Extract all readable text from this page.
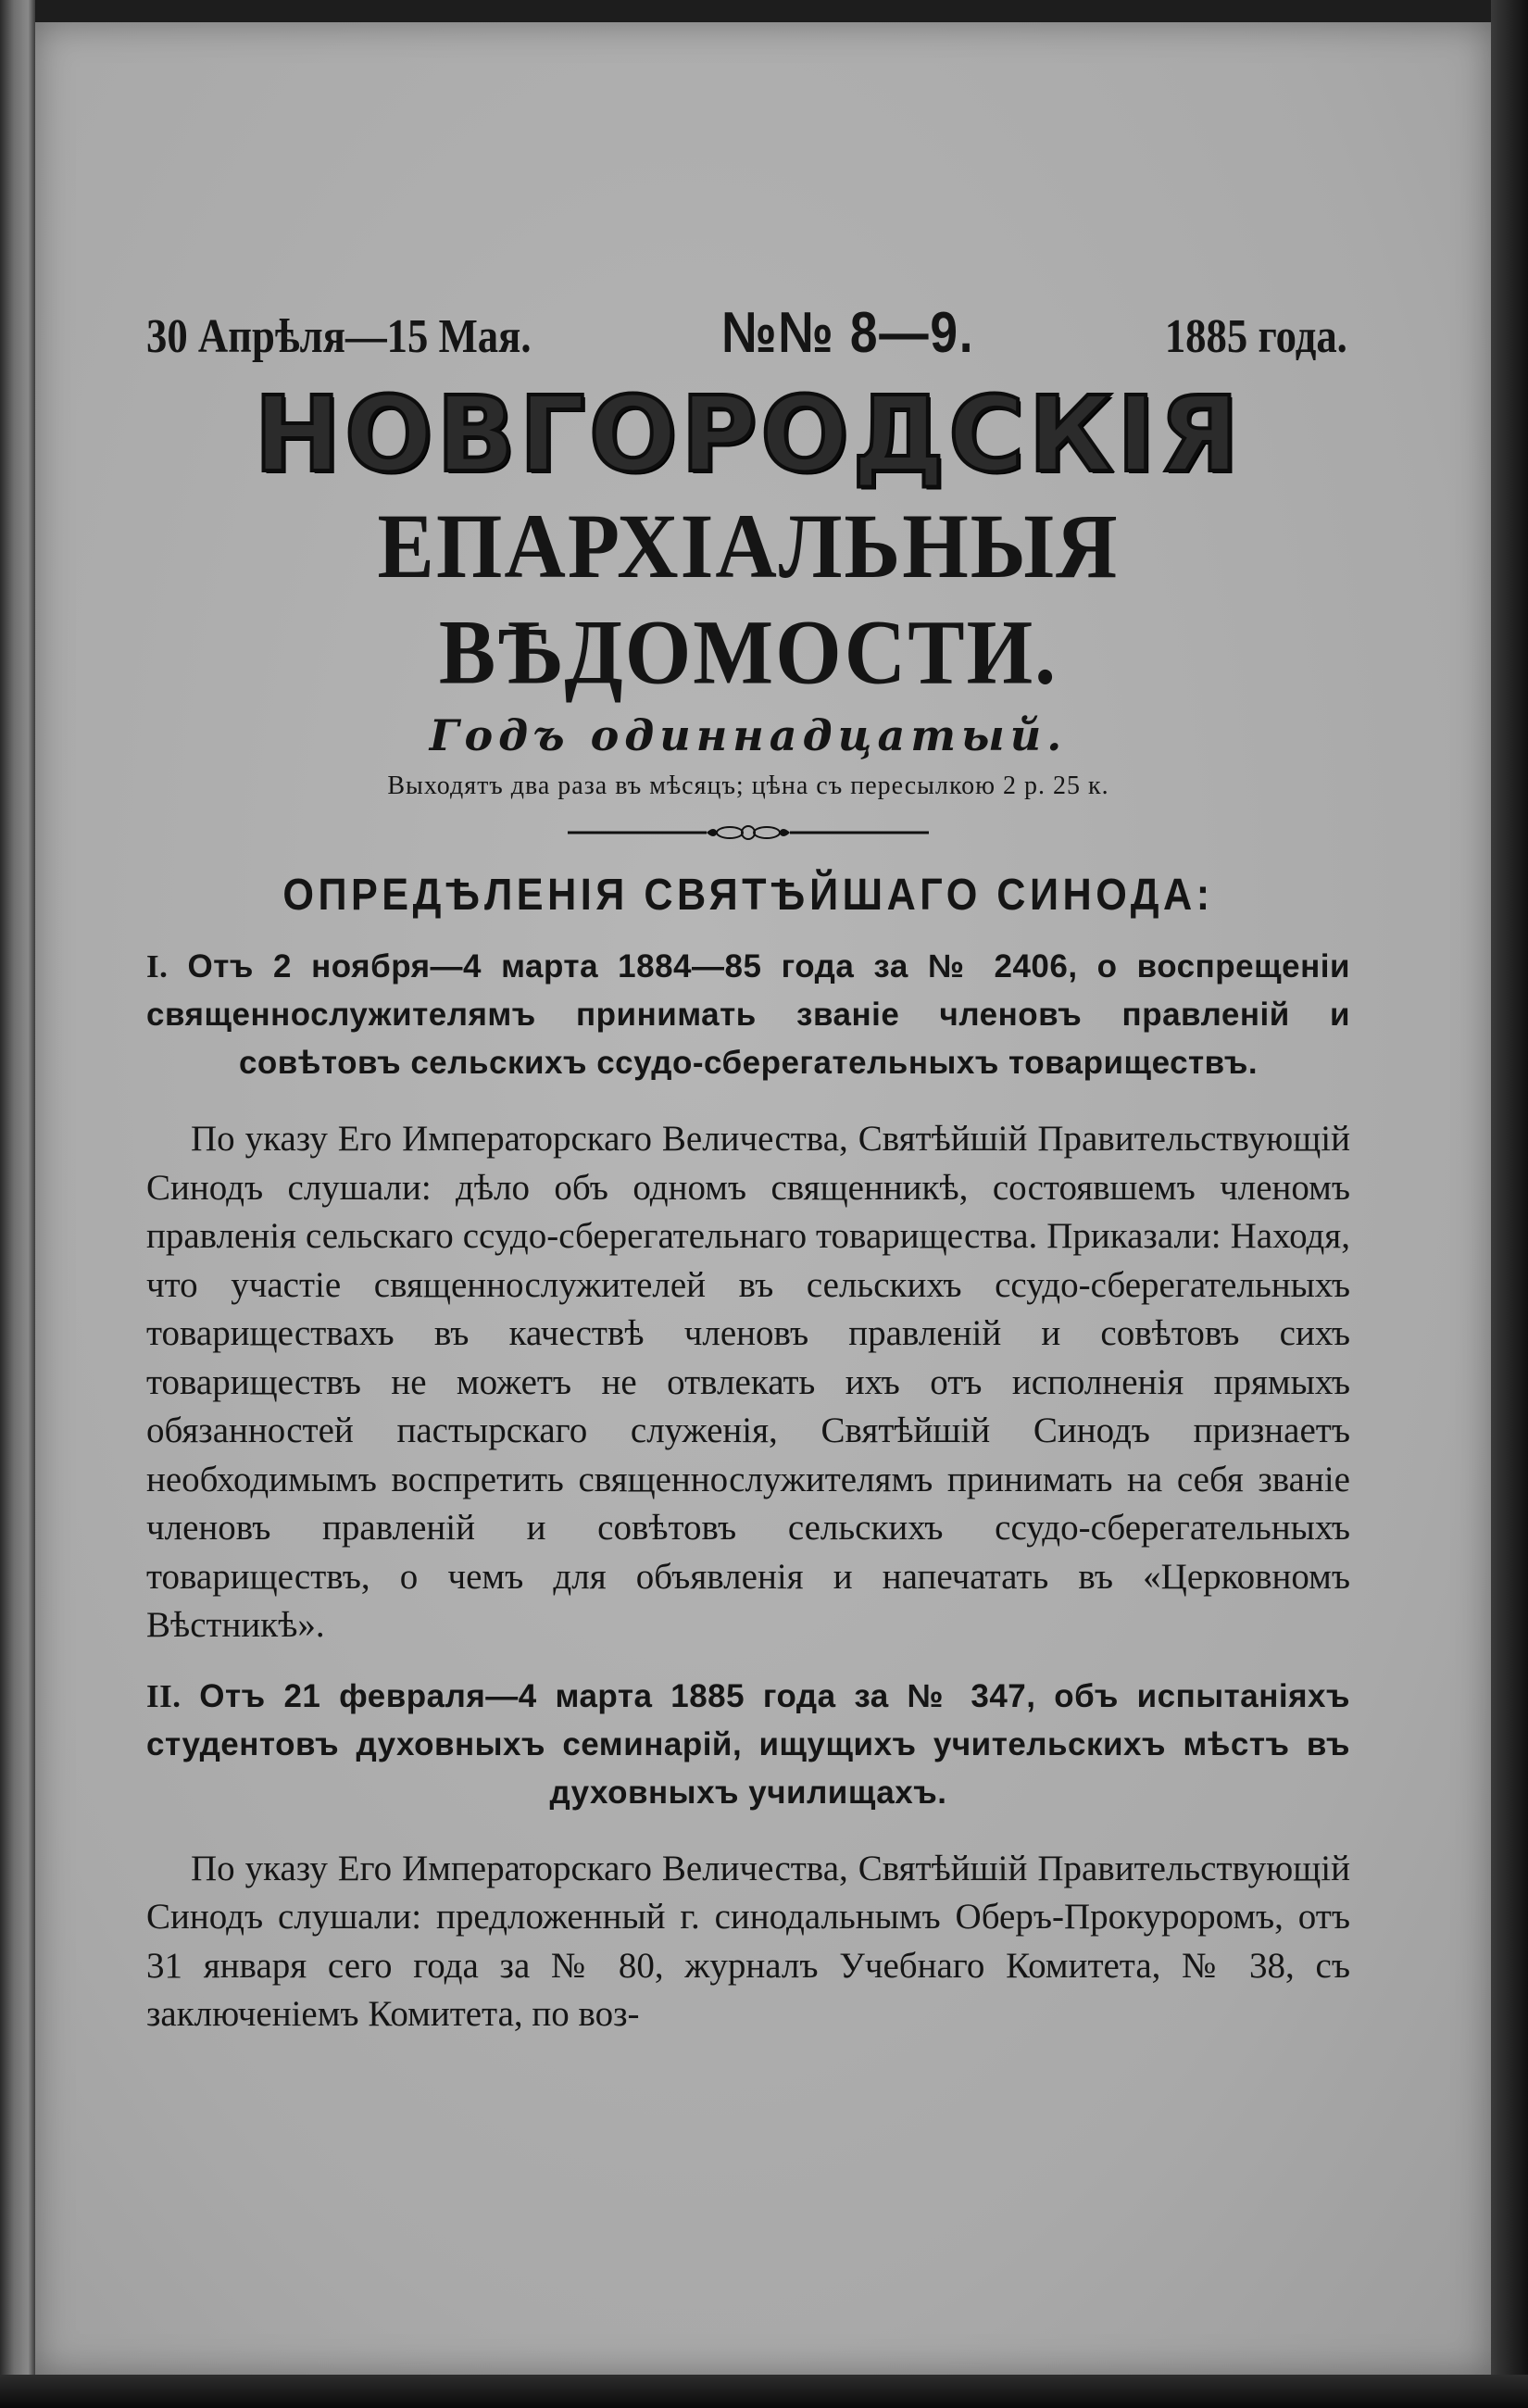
30 Апрѣля—15 Мая.	№№ 8—9.	1885 года.
НОВГОРОДСКІЯ
ЕПАРХІАЛЬНЫЯ ВѢДОМОСТИ.
Годъ одиннадцатый.
Выходятъ два раза въ мѣсяцъ; цѣна съ пересылкою 2 р. 25 к.
ОПРЕДѢЛЕНІЯ СВЯТѢЙШАГО СИНОДА:
I. Отъ 2 ноября—4 марта 1884—85 года за № 2406, о воспрещеніи священнослужителямъ принимать званіе членовъ правленій и совѣтовъ сельскихъ ссудо-сберегательныхъ товариществъ.
По указу Его Императорскаго Величества, Святѣйшій Правительствующій Синодъ слушали: дѣло объ одномъ священникѣ, состоявшемъ членомъ правленія сельскаго ссудо-сберегательнаго товарищества. Приказали: Находя, что участіе священнослужителей въ сельскихъ ссудо-сберегательныхъ товариществахъ въ качествѣ членовъ правленій и совѣтовъ сихъ товариществъ не можетъ не отвлекать ихъ отъ исполненія прямыхъ обязанностей пастырскаго служенія, Святѣйшій Синодъ признаетъ необходимымъ воспретить священнослужителямъ принимать на себя званіе членовъ правленій и совѣтовъ сельскихъ ссудо-сберегательныхъ товариществъ, о чемъ для объявленія и напечатать въ «Церковномъ Вѣстникѣ».
II. Отъ 21 февраля—4 марта 1885 года за № 347, объ испытаніяхъ студентовъ духовныхъ семинарій, ищущихъ учительскихъ мѣстъ въ духовныхъ училищахъ.
По указу Его Императорскаго Величества, Святѣйшій Правительствующій Синодъ слушали: предложенный г. синодальнымъ Оберъ-Прокуроромъ, отъ 31 января сего года за № 80, журналъ Учебнаго Комитета, № 38, съ заключеніемъ Комитета, по воз-
